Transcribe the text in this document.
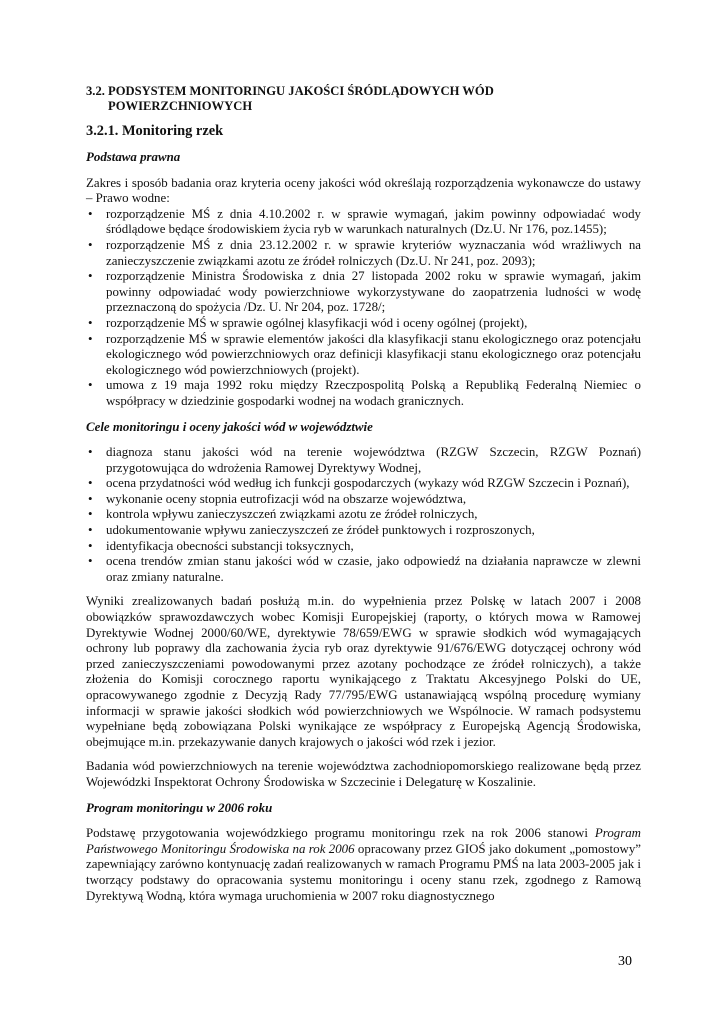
3.2. PODSYSTEM MONITORINGU JAKOŚCI ŚRÓDLĄDOWYCH WÓD
POWIERZCHNIOWYCH
3.2.1. Monitoring rzek
Podstawa prawna

Zakres i sposób badania oraz kryteria oceny jakości wód określają rozporządzenia wykonawcze do ustawy – Prawo wodne:

• rozporządzenie MŚ z dnia 4.10.2002 r. w sprawie wymagań, jakim powinny odpowiadać wody śródlądowe będące środowiskiem życia ryb w warunkach naturalnych (Dz.U. Nr 176, poz.1455);
• rozporządzenie MŚ z dnia 23.12.2002 r. w sprawie kryteriów wyznaczania wód wrażliwych na zanieczyszczenie związkami azotu ze źródeł rolniczych (Dz.U. Nr 241, poz. 2093);
• rozporządzenie Ministra Środowiska z dnia 27 listopada 2002 roku w sprawie wymagań, jakim powinny odpowiadać wody powierzchniowe wykorzystywane do zaopatrzenia ludności w wodę przeznaczoną do spożycia /Dz. U. Nr 204, poz. 1728/;
• rozporządzenie MŚ w sprawie ogólnej klasyfikacji wód i oceny ogólnej (projekt),
• rozporządzenie MŚ w sprawie elementów jakości dla klasyfikacji stanu ekologicznego oraz potencjału ekologicznego wód powierzchniowych oraz definicji klasyfikacji stanu ekologicznego oraz potencjału ekologicznego wód powierzchniowych (projekt).
• umowa z 19 maja 1992 roku między Rzeczpospolitą Polską a Republiką Federalną Niemiec o współpracy w dziedzinie gospodarki wodnej na wodach granicznych.
Cele monitoringu i oceny jakości wód w województwie
• diagnoza stanu jakości wód na terenie województwa (RZGW Szczecin, RZGW Poznań) przygotowująca do wdrożenia Ramowej Dyrektywy Wodnej,
• ocena przydatności wód według ich funkcji gospodarczych (wykazy wód RZGW Szczecin i Poznań),
• wykonanie oceny stopnia eutrofizacji wód na obszarze województwa,
• kontrola wpływu zanieczyszczeń związkami azotu ze źródeł rolniczych,
• udokumentowanie wpływu zanieczyszczeń ze źródeł punktowych i rozproszonych,
• identyfikacja obecności substancji toksycznych,
• ocena trendów zmian stanu jakości wód w czasie, jako odpowiedź na działania naprawcze w zlewni oraz zmiany naturalne.

Wyniki zrealizowanych badań posłużą m.in. do wypełnienia przez Polskę w latach 2007 i 2008 obowiązków sprawozdawczych wobec Komisji Europejskiej (raporty, o których mowa w Ramowej Dyrektywie Wodnej 2000/60/WE, dyrektywie 78/659/EWG w sprawie słodkich wód wymagających ochrony lub poprawy dla zachowania życia ryb oraz dyrektywie 91/676/EWG dotyczącej ochrony wód przed zanieczyszczeniami powodowanymi przez azotany pochodzące ze źródeł rolniczych), a także złożenia do Komisji corocznego raportu wynikającego z Traktatu Akcesyjnego Polski do UE, opracowywanego zgodnie z Decyzją Rady 77/795/EWG ustanawiającą wspólną procedurę wymiany informacji w sprawie jakości słodkich wód powierzchniowych we Wspólnocie. W ramach podsystemu wypełniane będą zobowiązana Polski wynikające ze współpracy z Europejską Agencją Środowiska, obejmujące m.in. przekazywanie danych krajowych o jakości wód rzek i jezior.

Badania wód powierzchniowych na terenie województwa zachodniopomorskiego realizowane będą przez Wojewódzki Inspektorat Ochrony Środowiska w Szczecinie i Delegaturę w Koszalinie.

Program monitoringu w 2006 roku

Podstawę przygotowania wojewódzkiego programu monitoringu rzek na rok 2006 stanowi Program Państwowego Monitoringu Środowiska na rok 2006 opracowany przez GIOŚ jako dokument „pomostowy” zapewniający zarówno kontynuację zadań realizowanych w ramach Programu PMŚ na lata 2003-2005 jak i tworzący podstawy do opracowania systemu monitoringu i oceny stanu rzek, zgodnego z Ramową Dyrektywą Wodną, która wymaga uruchomienia w 2007 roku diagnostycznego

30
